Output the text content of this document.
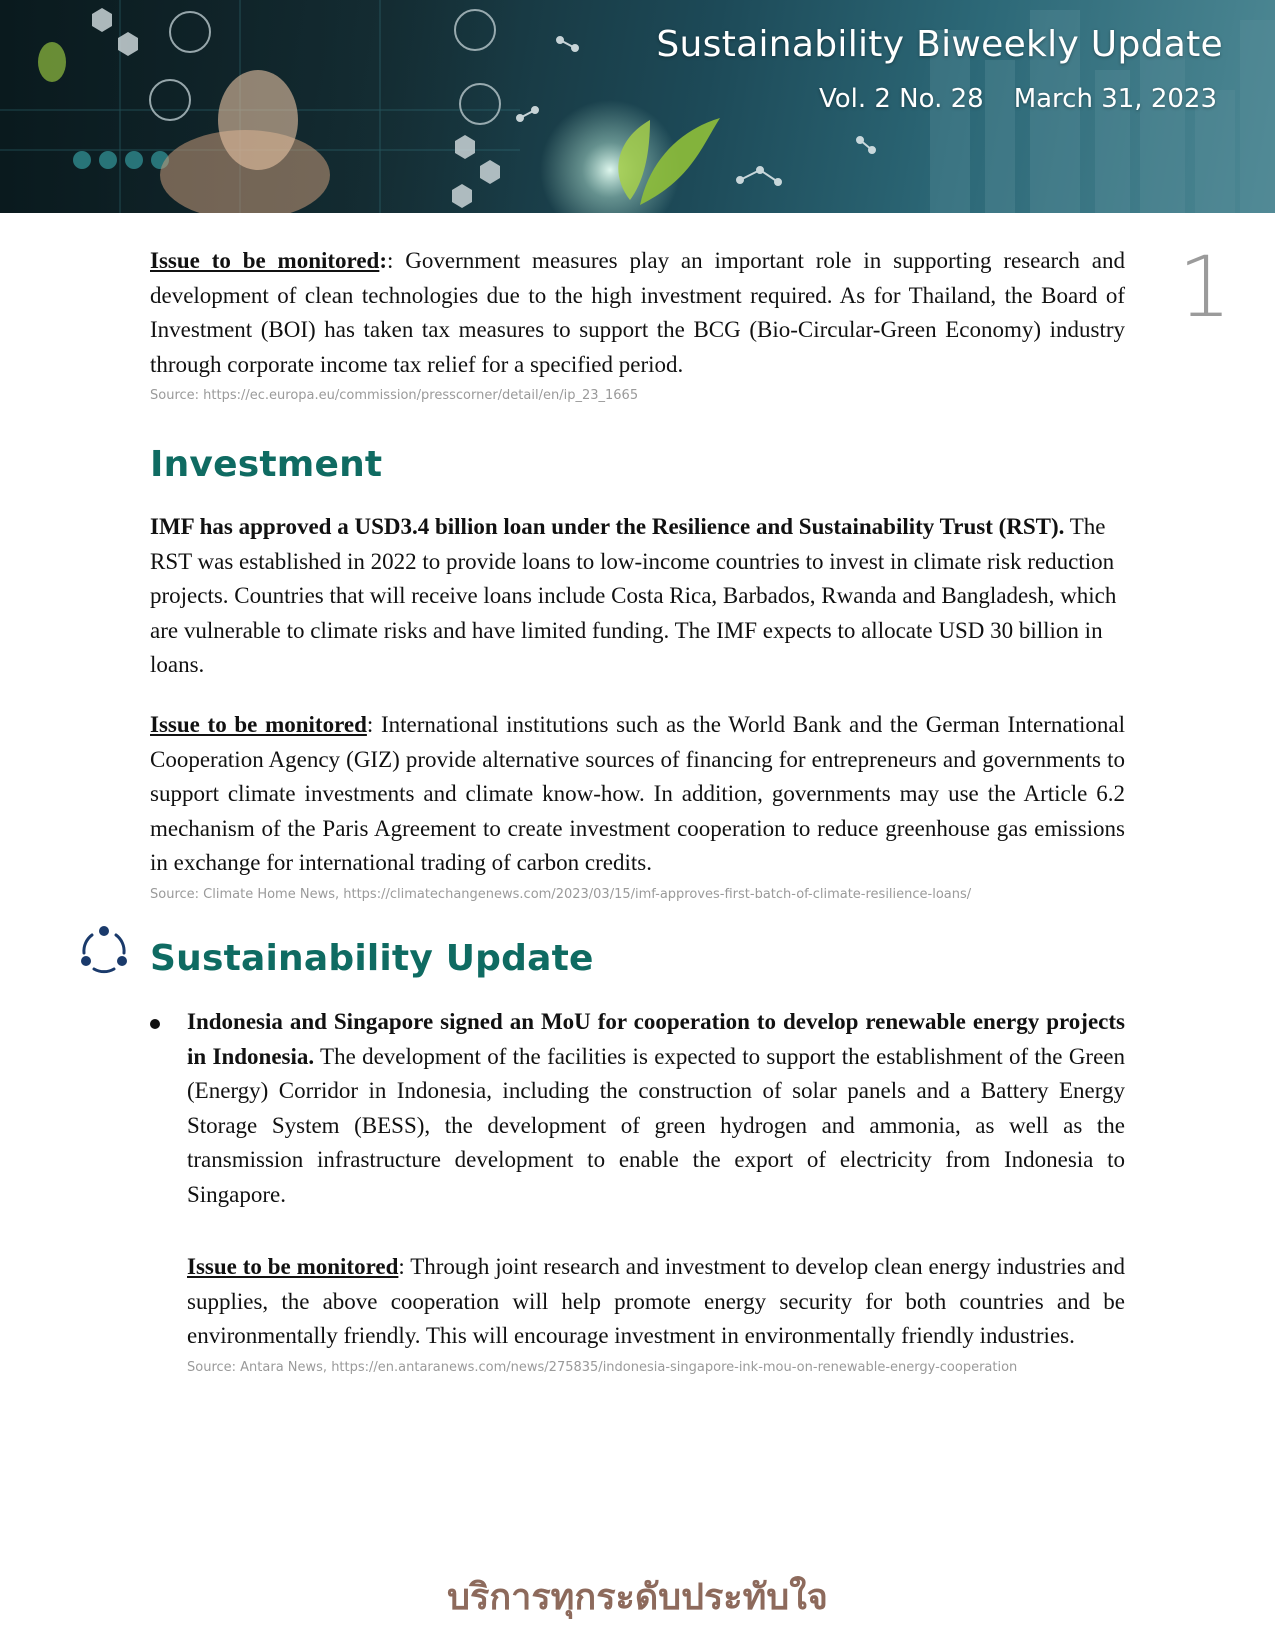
Sustainability Biweekly Update
Vol. 2 No. 28 March 31, 2023
1

Issue to be monitored:: Government measures play an important role in supporting research and development of clean technologies due to the high investment required. As for Thailand, the Board of Investment (BOI) has taken tax measures to support the BCG (Bio-Circular-Green Economy) industry through corporate income tax relief for a specified period.

Source: https://ec.europa.eu/commission/presscorner/detail/en/ip_23_1665
Investment

IMF has approved a USD3.4 billion loan under the Resilience and Sustainability Trust (RST). The RST was established in 2022 to provide loans to low-income countries to invest in climate risk reduction projects. Countries that will receive loans include Costa Rica, Barbados, Rwanda and Bangladesh, which are vulnerable to climate risks and have limited funding. The IMF expects to allocate USD 30 billion in loans.

Issue to be monitored: International institutions such as the World Bank and the German International Cooperation Agency (GIZ) provide alternative sources of financing for entrepreneurs and governments to support climate investments and climate know-how. In addition, governments may use the Article 6.2 mechanism of the Paris Agreement to create investment cooperation to reduce greenhouse gas emissions in exchange for international trading of carbon credits.

Source: Climate Home News, https://climatechangenews.com/2023/03/15/imf-approves-first-batch-of-climate-resilience-loans/
Sustainability Update

Indonesia and Singapore signed an MoU for cooperation to develop renewable energy projects in Indonesia. The development of the facilities is expected to support the establishment of the Green (Energy) Corridor in Indonesia, including the construction of solar panels and a Battery Energy Storage System (BESS), the development of green hydrogen and ammonia, as well as the transmission infrastructure development to enable the export of electricity from Indonesia to Singapore.

Issue to be monitored: Through joint research and investment to develop clean energy industries and supplies, the above cooperation will help promote energy security for both countries and be environmentally friendly. This will encourage investment in environmentally friendly industries.

Source: Antara News, https://en.antaranews.com/news/275835/indonesia-singapore-ink-mou-on-renewable-energy-cooperation
บริการทุกระดับประทับใจ
